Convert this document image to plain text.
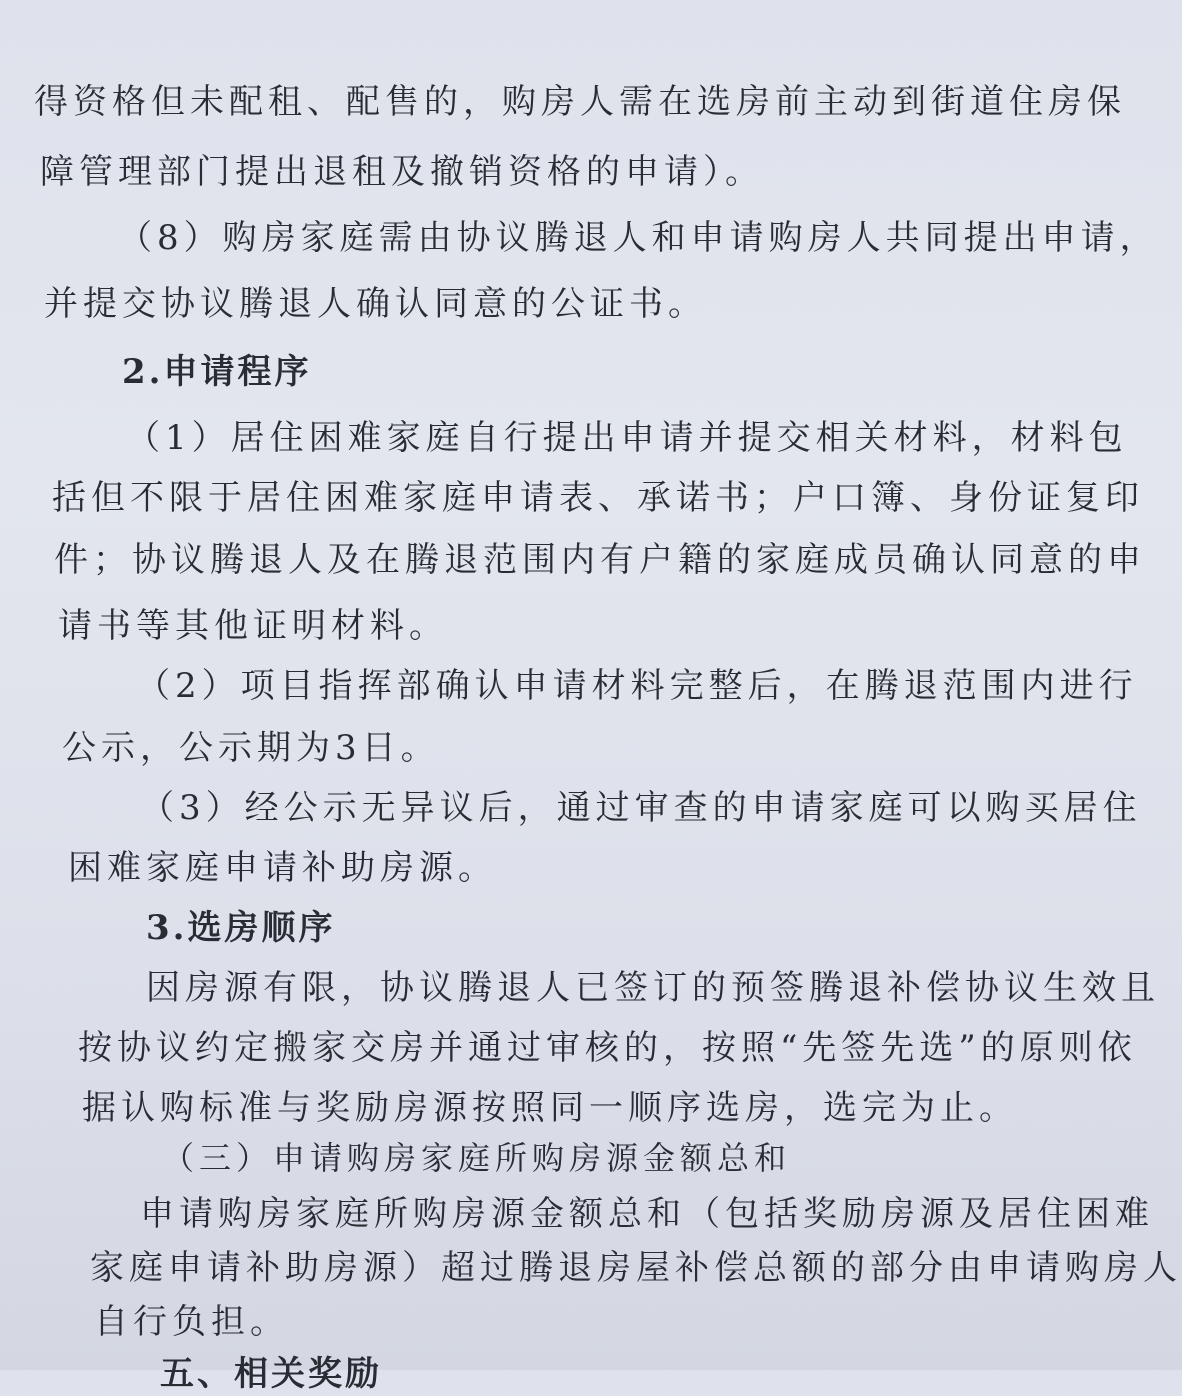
得资格但未配租、配售的，购房人需在选房前主动到街道住房保
障管理部门提出退租及撤销资格的申请）。
（8）购房家庭需由协议腾退人和申请购房人共同提出申请，
并提交协议腾退人确认同意的公证书。
2.申请程序
（1）居住困难家庭自行提出申请并提交相关材料，材料包
括但不限于居住困难家庭申请表、承诺书；户口簿、身份证复印
件；协议腾退人及在腾退范围内有户籍的家庭成员确认同意的申
请书等其他证明材料。
（2）项目指挥部确认申请材料完整后，在腾退范围内进行
公示，公示期为3日。
（3）经公示无异议后，通过审查的申请家庭可以购买居住
困难家庭申请补助房源。
3.选房顺序
因房源有限，协议腾退人已签订的预签腾退补偿协议生效且
按协议约定搬家交房并通过审核的，按照“先签先选”的原则依
据认购标准与奖励房源按照同一顺序选房，选完为止。
（三）申请购房家庭所购房源金额总和
申请购房家庭所购房源金额总和（包括奖励房源及居住困难
家庭申请补助房源）超过腾退房屋补偿总额的部分由申请购房人
自行负担。
五、相关奖励
